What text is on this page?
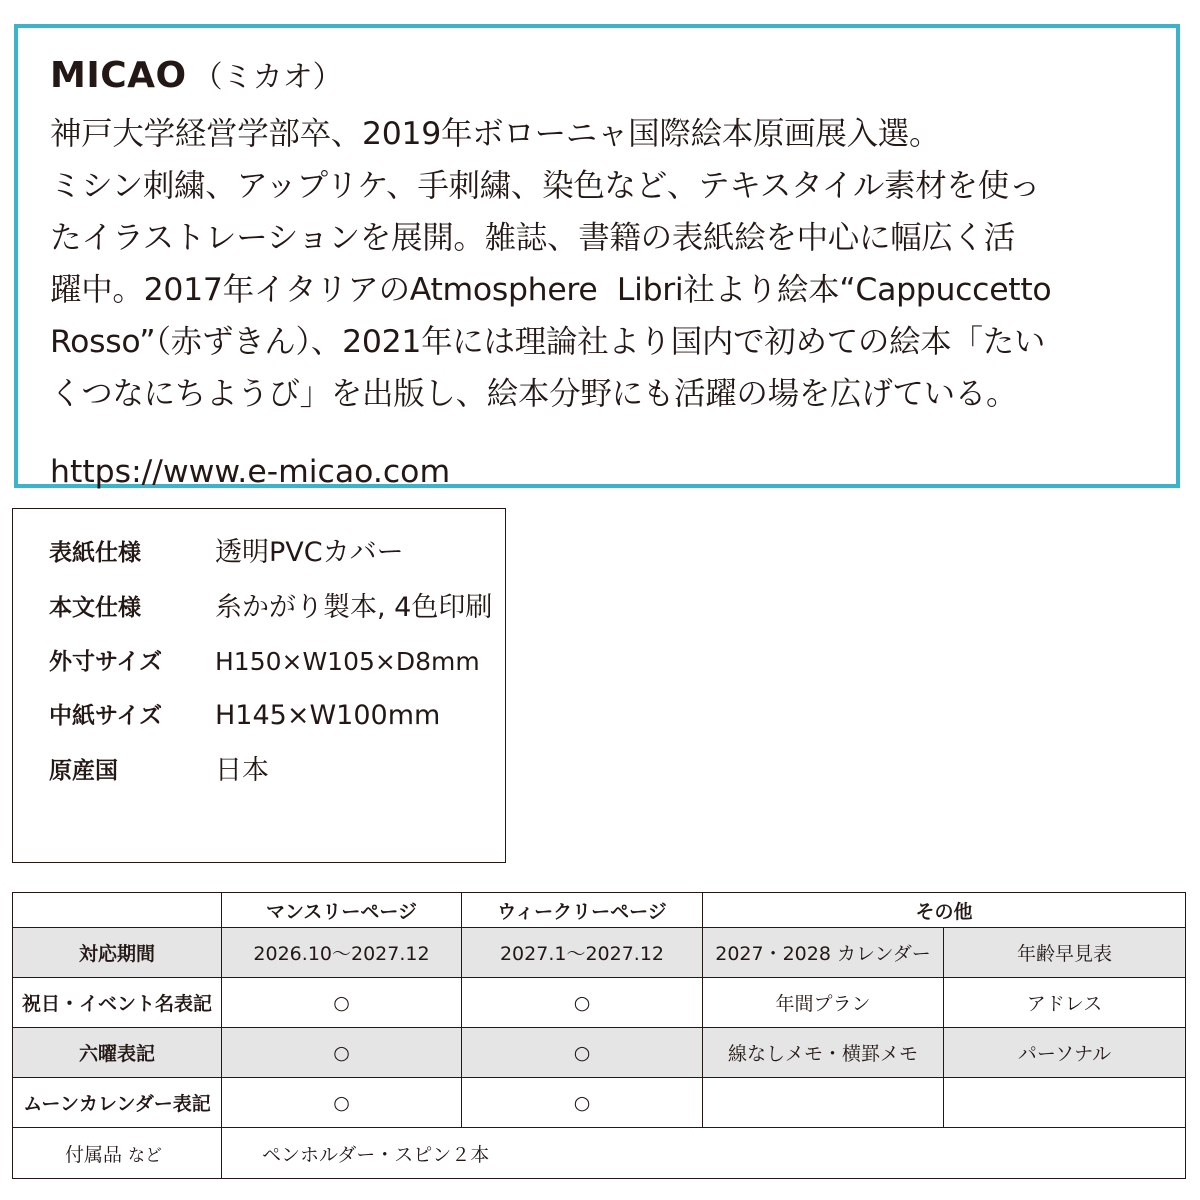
MICAO （ミカオ）
神戸大学経営学部卒、2019年ボローニャ国際絵本原画展入選。
ミシン刺繍、アップリケ、手刺繍、染色など、テキスタイル素材を使っ
たイラストレーションを展開。雑誌、書籍の表紙絵を中心に幅広く活
躍中。2017年イタリアのAtmosphere  Libri社より絵本“Cappuccetto
Rosso”（赤ずきん）、2021年には理論社より国内で初めての絵本「たい
くつなにちようび」を出版し、絵本分野にも活躍の場を広げている。
https://www.e-micao.com
表紙仕様	透明PVCカバー
本文仕様	糸かがり製本, 4色印刷
外寸サイズ	H150×W105×D8mm
中紙サイズ	H145×W100mm
原産国	日本
	マンスリーページ	ウィークリーページ	その他	
対応期間	2026.10～2027.12	2027.1～2027.12	2027・2028 カレンダー	年齢早見表
祝日・イベント名表記	○	○	年間プラン	アドレス
六曜表記	○	○	線なしメモ・横罫メモ	パーソナル
ムーンカレンダー表記	○	○		
付属品 など	ペンホルダー・スピン２本			
